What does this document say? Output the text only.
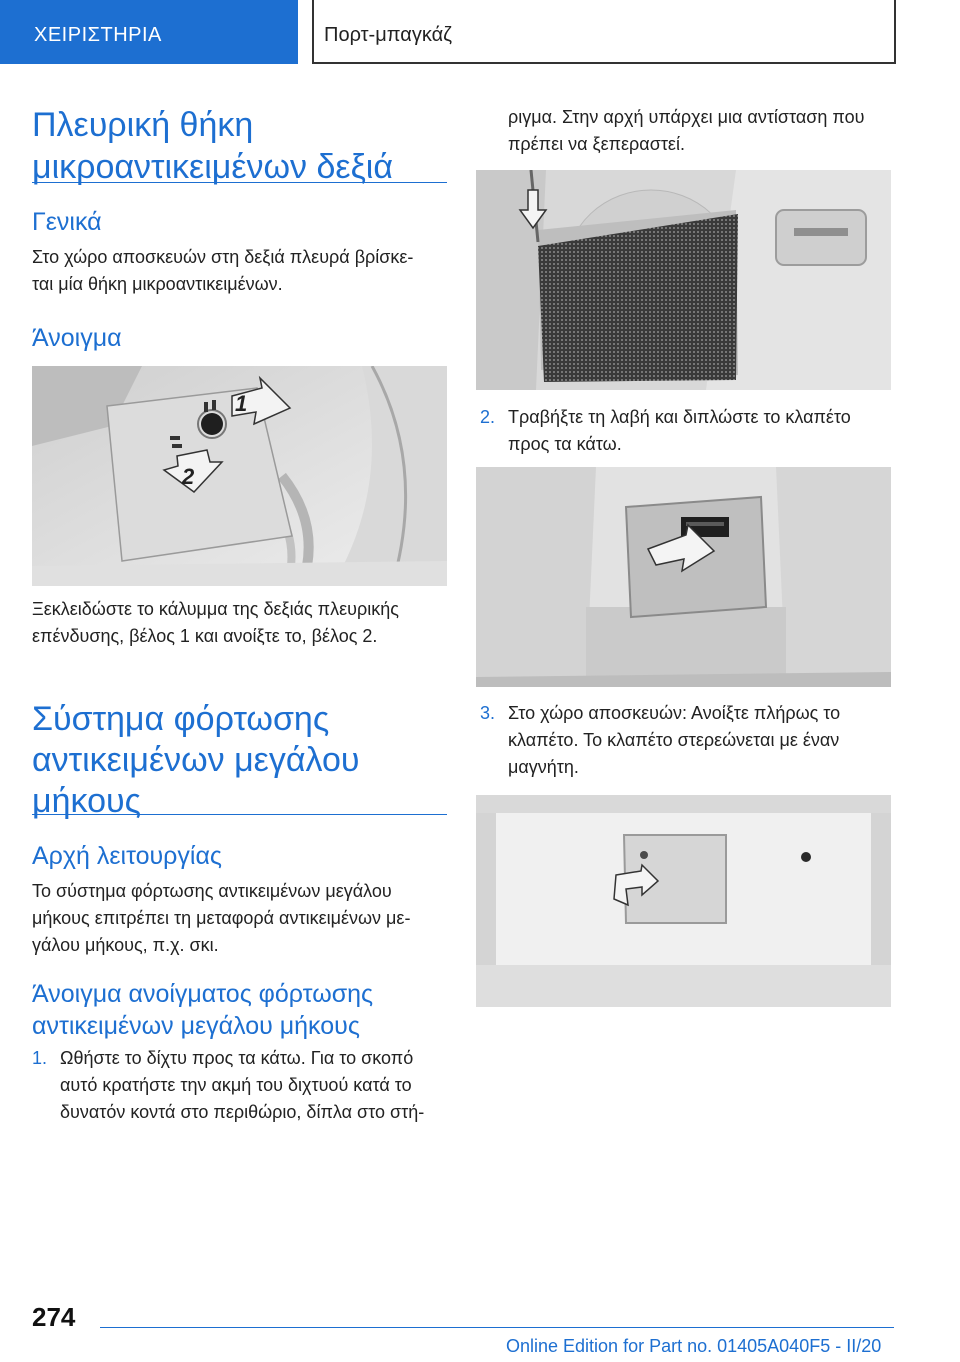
ΧΕΙΡΙΣΤΗΡΙΑ	Πορτ-μπαγκάζ
Πλευρική θήκη
μικροαντικειμένων δεξιά
Γενικά
Στο χώρο αποσκευών στη δεξιά πλευρά βρίσκε-
ται μία θήκη μικροαντικειμένων.
Άνοιγμα
1
2
Ξεκλειδώστε το κάλυμμα της δεξιάς πλευρικής
επένδυσης, βέλος 1 και ανοίξτε το, βέλος 2.
Σύστημα φόρτωσης
αντικειμένων μεγάλου
μήκους
Αρχή λειτουργίας
Το σύστημα φόρτωσης αντικειμένων μεγάλου
μήκους επιτρέπει τη μεταφορά αντικειμένων με-
γάλου μήκους, π.χ. σκι.
Άνοιγμα ανοίγματος φόρτωσης
αντικειμένων μεγάλου μήκους
1. Ωθήστε το δίχτυ προς τα κάτω. Για το σκοπό
αυτό κρατήστε την ακμή του διχτυού κατά το
δυνατόν κοντά στο περιθώριο, δίπλα στο στή-
ριγμα. Στην αρχή υπάρχει μια αντίσταση που
πρέπει να ξεπεραστεί.
2. Τραβήξτε τη λαβή και διπλώστε το κλαπέτο
προς τα κάτω.
3. Στο χώρο αποσκευών: Ανοίξτε πλήρως το
κλαπέτο. Το κλαπέτο στερεώνεται με έναν
μαγνήτη.
274
Online Edition for Part no. 01405A040F5 - II/20
